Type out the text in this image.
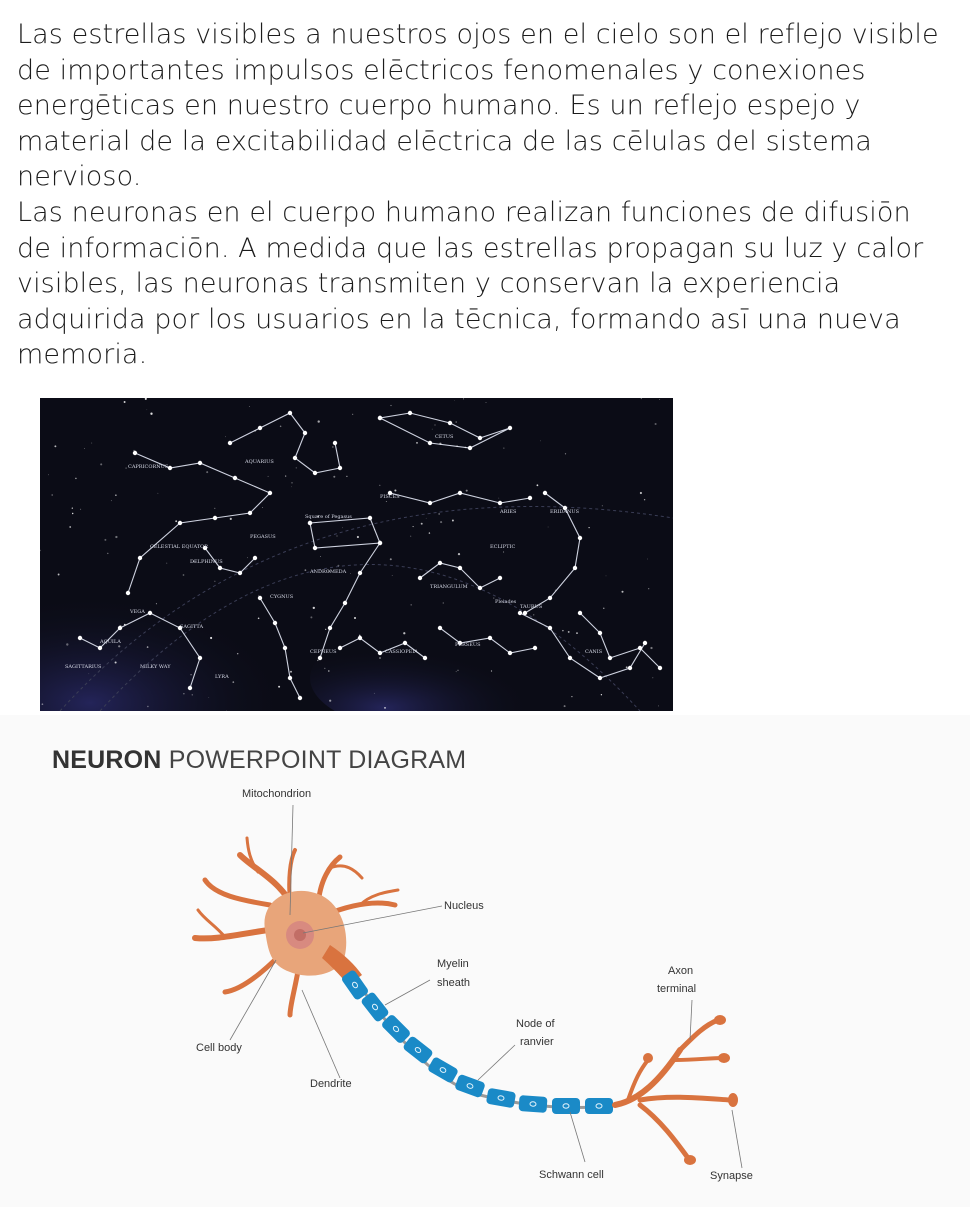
Las estrellas visibles a nuestros ojos en el cielo son el reflejo visible de importantes impulsos elēctricos fenomenales y conexiones energēticas en nuestro cuerpo humano. Es un reflejo espejo y material de la excitabilidad elēctrica de las cēlulas del sistema nervioso.

Las neuronas en el cuerpo humano realizan funciones de difusiōn de informaciōn. A medida que las estrellas propagan su luz y calor visibles, las neuronas transmiten y conservan la experiencia adquirida por los usuarios en la tēcnica, formando asī una nueva memoria.

CAPRICORNUS
AQUARIUS
CETUS
PISCES
PEGASUS
Square of Pegasus
ARIES
ANDROMEDA
TRIANGULUM
ERIDANUS
DELPHINUS
CYGNUS
TAURUS
AQUILA
SAGITTA
LYRA
VEGA
CEPHEUS	CASSIOPEIA
PERSEUS
CANIS
SAGITTARIUS	MILKY WAY
Pleiades
CELESTIAL EQUATOR	ECLIPTIC
NEURON POWERPOINT DIAGRAM
Mitochondrion
Nucleus
Myelin
sheath
Node of
ranvier
Axon
terminal
Cell body
Dendrite
Schwann cell	Synapse
